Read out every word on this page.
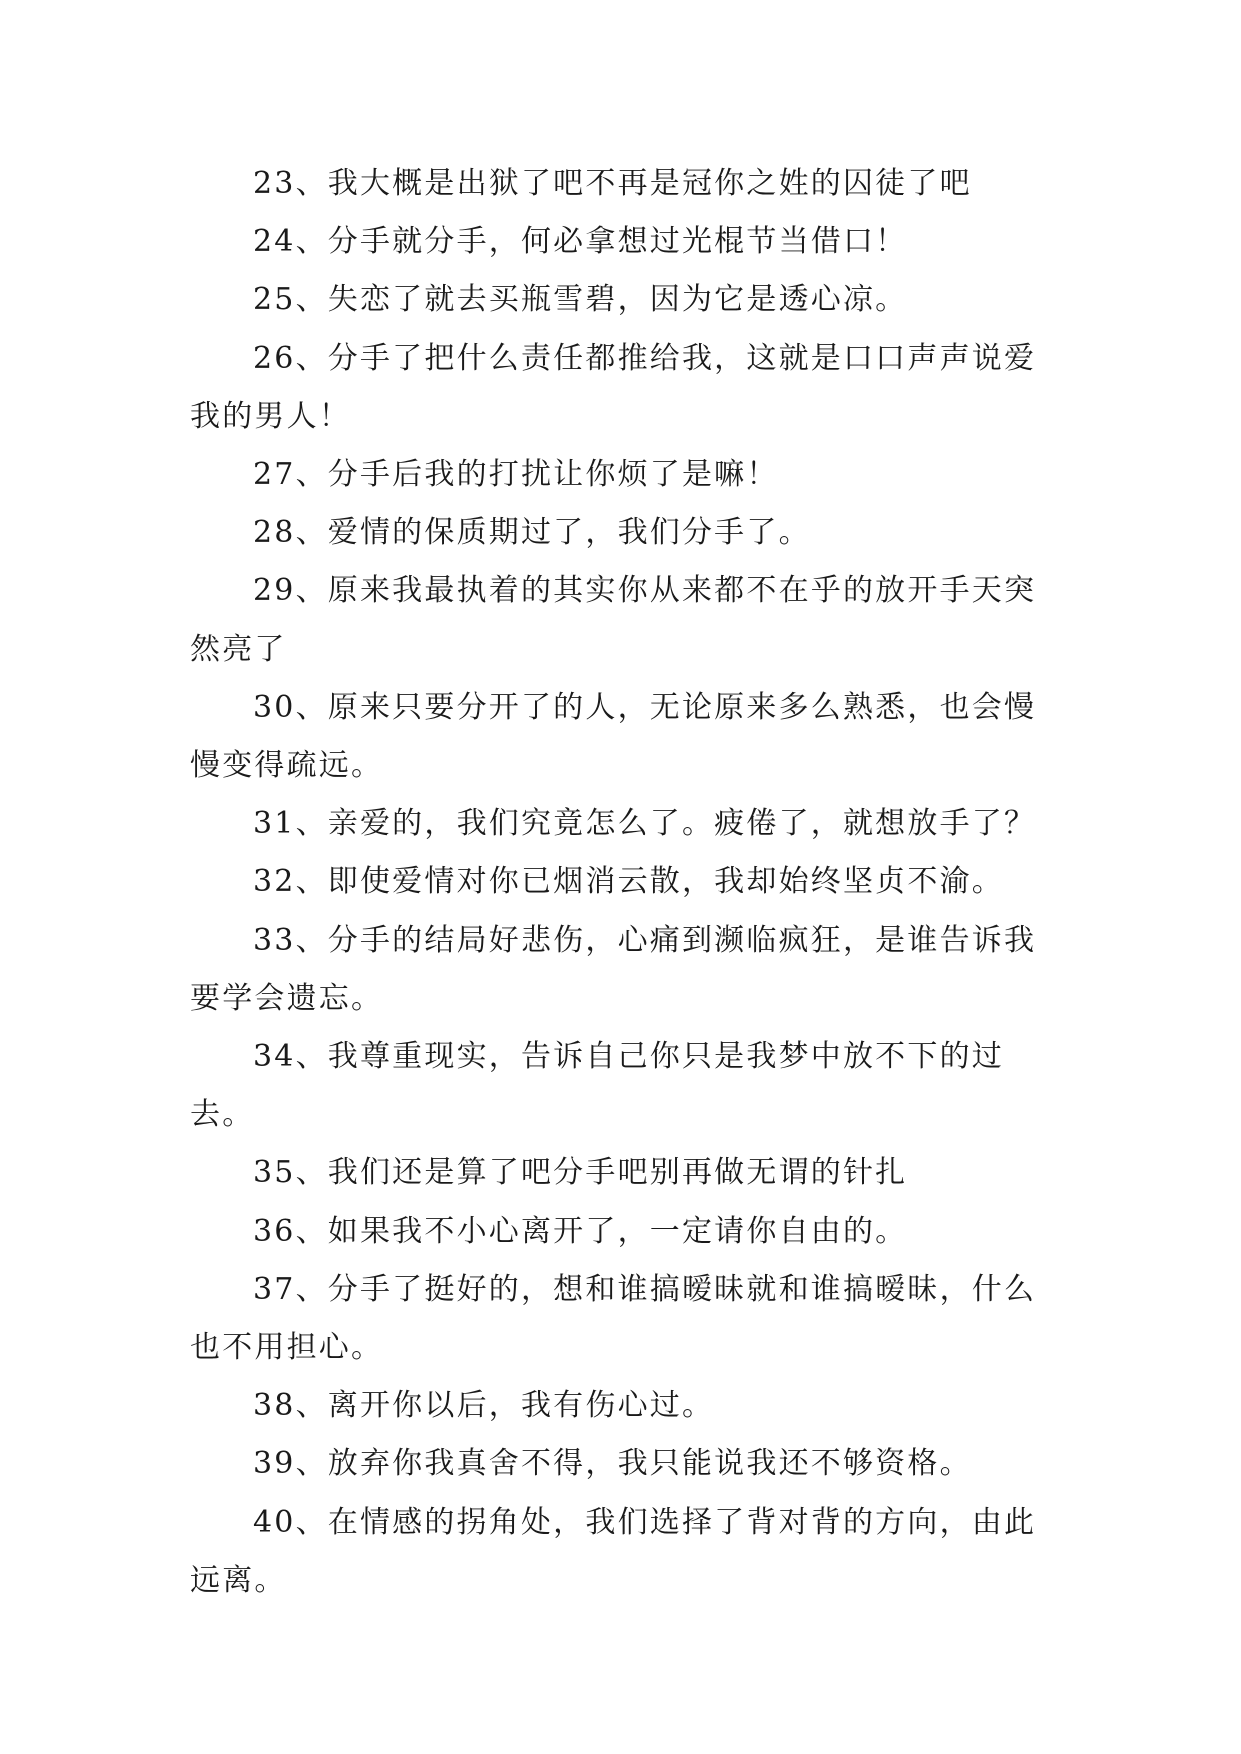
23、我大概是出狱了吧不再是冠你之姓的囚徒了吧

24、分手就分手，何必拿想过光棍节当借口！

25、失恋了就去买瓶雪碧，因为它是透心凉。

26、分手了把什么责任都推给我，这就是口口声声说爱我的男人！

27、分手后我的打扰让你烦了是嘛！

28、爱情的保质期过了，我们分手了。

29、原来我最执着的其实你从来都不在乎的放开手天突然亮了

30、原来只要分开了的人，无论原来多么熟悉，也会慢慢变得疏远。

31、亲爱的，我们究竟怎么了。疲倦了，就想放手了？

32、即使爱情对你已烟消云散，我却始终坚贞不渝。

33、分手的结局好悲伤，心痛到濒临疯狂，是谁告诉我要学会遗忘。

34、我尊重现实，告诉自己你只是我梦中放不下的过去。

35、我们还是算了吧分手吧别再做无谓的针扎

36、如果我不小心离开了，一定请你自由的。

37、分手了挺好的，想和谁搞暧昧就和谁搞暧昧，什么也不用担心。

38、离开你以后，我有伤心过。

39、放弃你我真舍不得，我只能说我还不够资格。

40、在情感的拐角处，我们选择了背对背的方向，由此远离。
